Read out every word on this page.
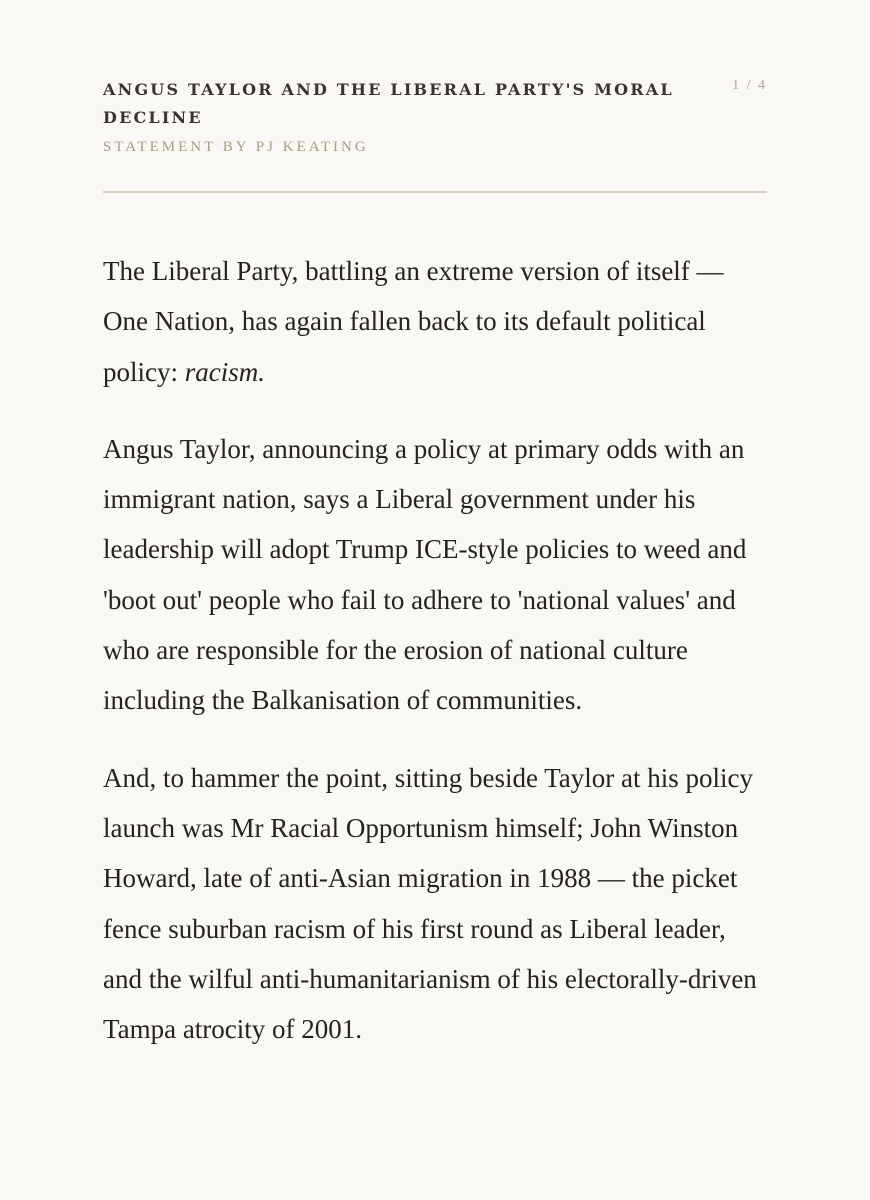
ANGUS TAYLOR AND THE LIBERAL PARTY'S MORAL DECLINE
1 / 4
STATEMENT BY PJ KEATING

The Liberal Party, battling an extreme version of itself — One Nation, has again fallen back to its default political policy: racism.

Angus Taylor, announcing a policy at primary odds with an immigrant nation, says a Liberal government under his leadership will adopt Trump ICE-style policies to weed and 'boot out' people who fail to adhere to 'national values' and who are responsible for the erosion of national culture including the Balkanisation of communities.

And, to hammer the point, sitting beside Taylor at his policy launch was Mr Racial Opportunism himself; John Winston Howard, late of anti-Asian migration in 1988 — the picket fence suburban racism of his first round as Liberal leader, and the wilful anti-humanitarianism of his electorally-driven Tampa atrocity of 2001.
